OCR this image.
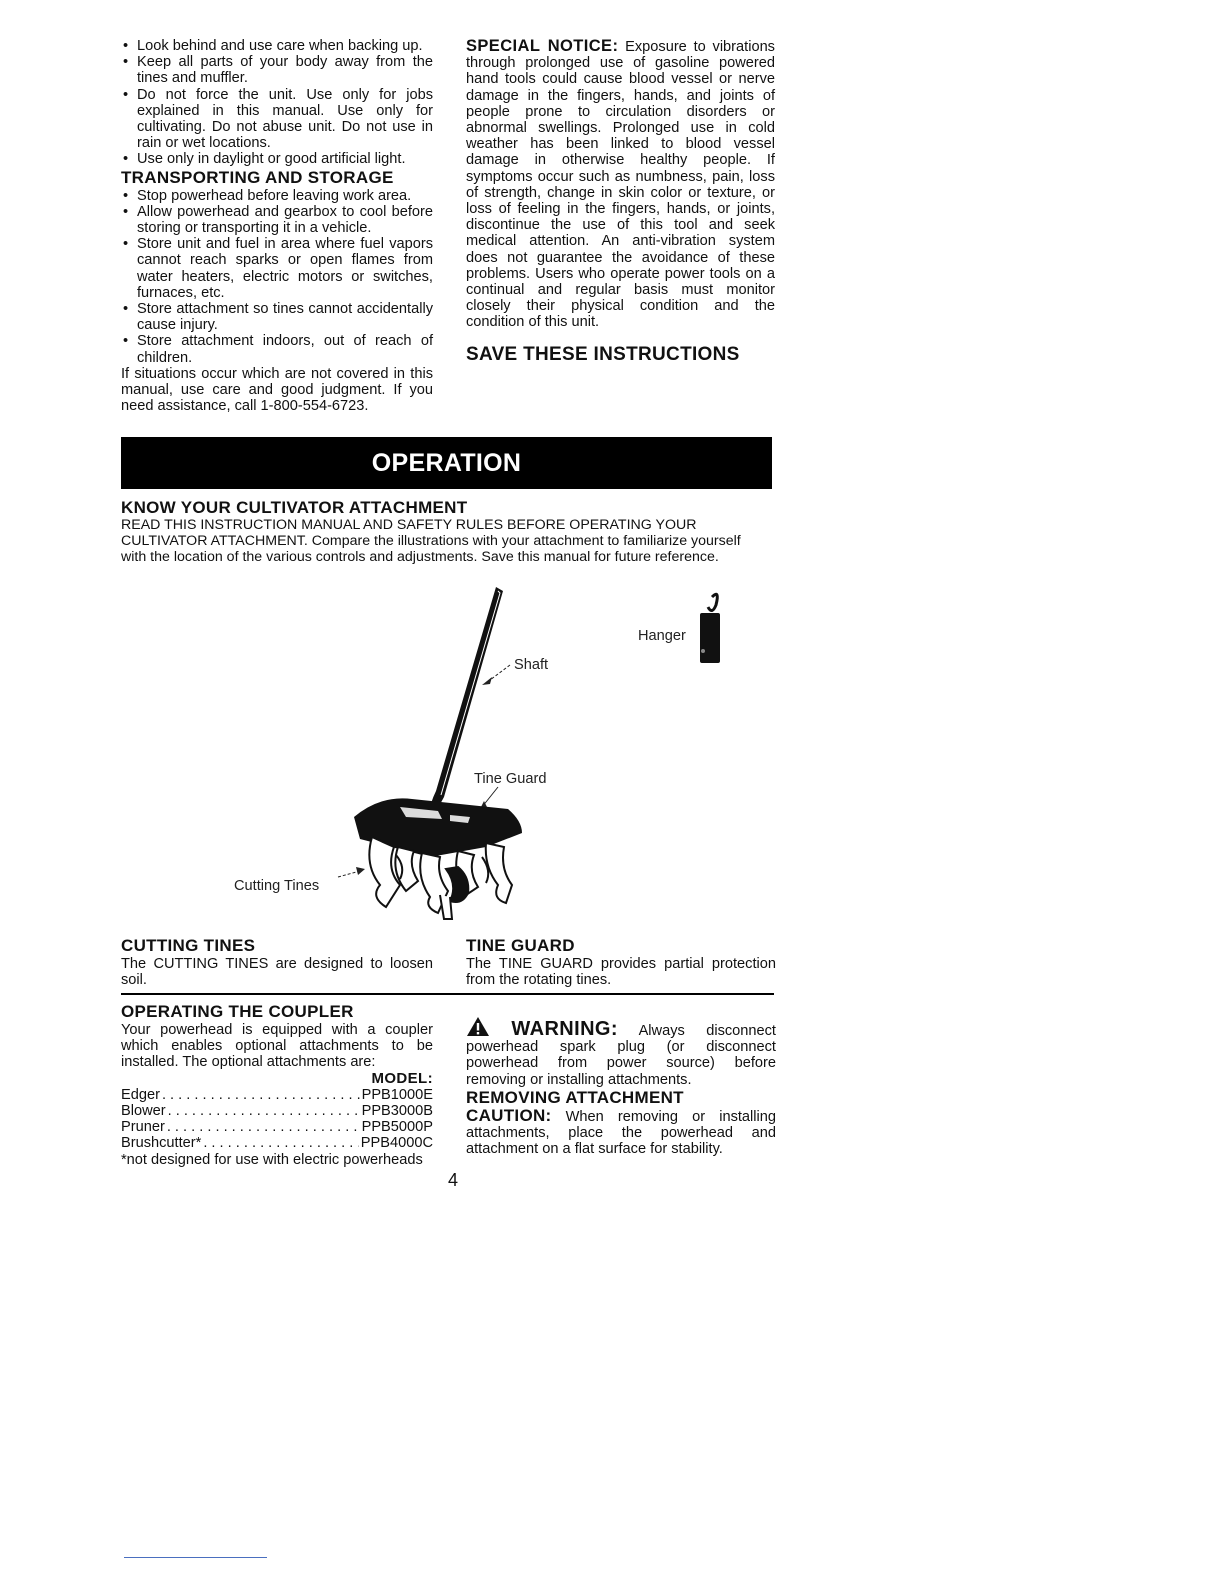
• Look behind and use care when backing up.
• Keep all parts of your body away from the tines and muffler.
• Do not force the unit. Use only for jobs explained in this manual. Use only for cultivating. Do not abuse unit. Do not use in rain or wet locations.
• Use only in daylight or good artificial light.
TRANSPORTING AND STORAGE
• Stop powerhead before leaving work area.
• Allow powerhead and gearbox to cool before storing or transporting it in a vehicle.
• Store unit and fuel in area where fuel vapors cannot reach sparks or open flames from water heaters, electric motors or switches, furnaces, etc.
• Store attachment so tines cannot accidentally cause injury.
• Store attachment indoors, out of reach of children.

If situations occur which are not covered in this manual, use care and good judgment. If you need assistance, call 1-800-554-6723.

SPECIAL NOTICE: Exposure to vibrations through prolonged use of gasoline powered hand tools could cause blood vessel or nerve damage in the fingers, hands, and joints of people prone to circulation disorders or abnormal swellings. Prolonged use in cold weather has been linked to blood vessel damage in otherwise healthy people. If symptoms occur such as numbness, pain, loss of strength, change in skin color or texture, or loss of feeling in the fingers, hands, or joints, discontinue the use of this tool and seek medical attention. An anti-vibration system does not guarantee the avoidance of these problems. Users who operate power tools on a continual and regular basis must monitor closely their physical condition and the condition of this unit.

SAVE THESE INSTRUCTIONS
OPERATION
KNOW YOUR CULTIVATOR ATTACHMENT

READ THIS INSTRUCTION MANUAL AND SAFETY RULES BEFORE OPERATING YOUR

CULTIVATOR ATTACHMENT. Compare the illustrations with your attachment to familiarize yourself

with the location of the various controls and adjustments. Save this manual for future reference.

Shaft
Hanger
Tine Guard
Cutting Tines
CUTTING TINES

The CUTTING TINES are designed to loosen soil.

TINE GUARD

The TINE GUARD provides partial protection from the rotating tines.

OPERATING THE COUPLER

Your powerhead is equipped with a coupler which enables optional attachments to be installed. The optional attachments are:

MODEL:
Edger . . .	PPB1000E
Blower . . .	PPB3000B
Pruner . . .	PPB5000P
Brushcutter* . . .	PPB4000C
*not designed for use with electric powerheads

WARNING: Always disconnect powerhead spark plug (or disconnect powerhead from power source) before removing or installing attachments.

REMOVING ATTACHMENT

CAUTION: When removing or installing attachments, place the powerhead and attachment on a flat surface for stability.

4
